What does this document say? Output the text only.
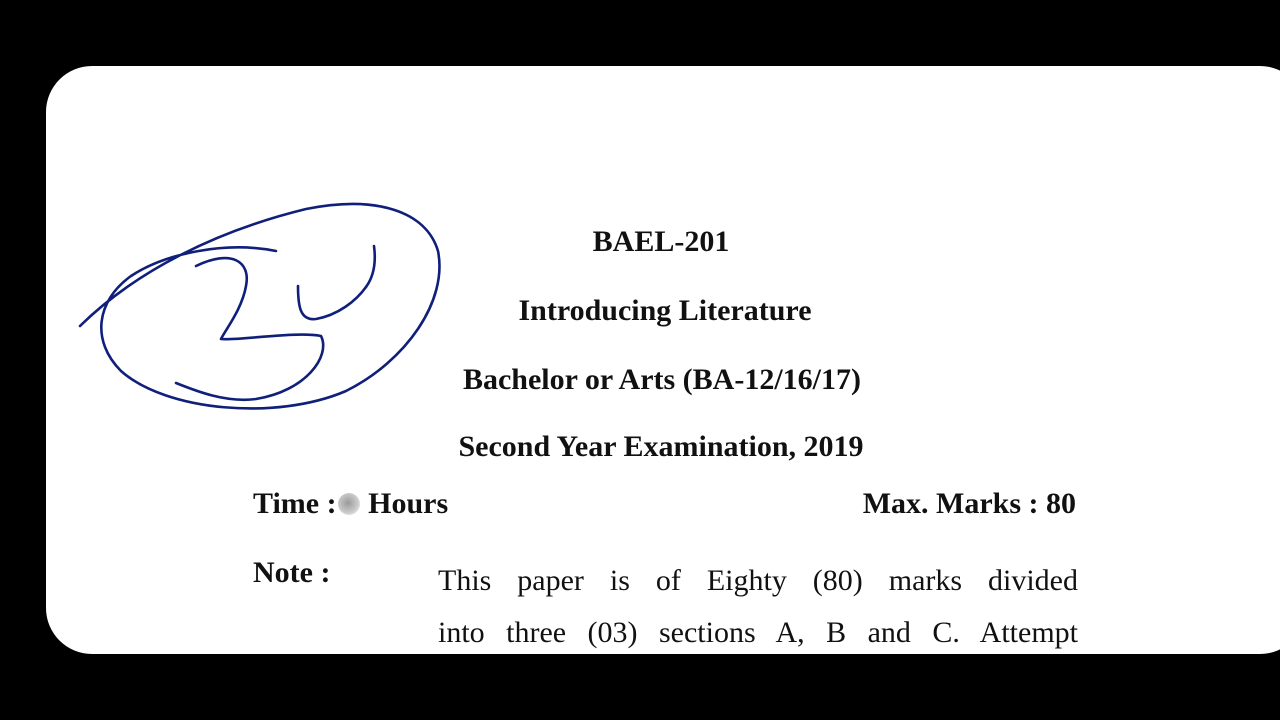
BAEL-201
Introducing Literature
Bachelor or Arts (BA-12/16/17)
Second Year Examination, 2019
Time : Hours	Max. Marks : 80
Note :	This paper is of Eighty (80) marks divided
into three (03) sections A, B and C. Attempt
